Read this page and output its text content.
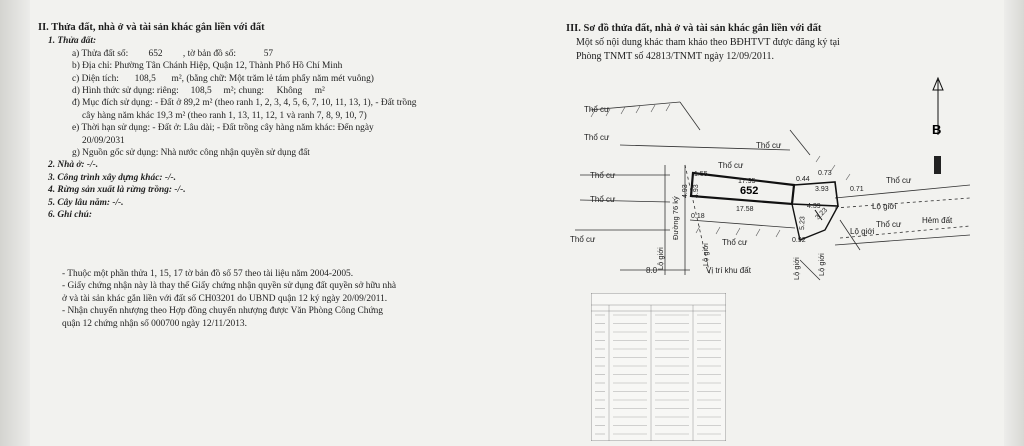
II. Thửa đất, nhà ở và tài sản khác gắn liền với đất
1. Thửa đất:
a) Thửa đất số: 652 , tờ bản đồ số:	57
b) Địa chỉ: Phường Tân Chánh Hiệp, Quận 12, Thành Phố Hồ Chí Minh
c) Diện tích: 108,5 m², (bằng chữ: Một trăm lẻ tám phẩy năm mét vuông)
d) Hình thức sử dụng: riêng: 108,5 m²; chung: Không m²
đ) Mục đích sử dụng: - Đất ở 89,2 m² (theo ranh 1, 2, 3, 4, 5, 6, 7, 10, 11, 13, 1), - Đất trồng
cây hàng năm khác 19,3 m² (theo ranh 1, 13, 11, 12, 1 và ranh 7, 8, 9, 10, 7)
e) Thời hạn sử dụng: - Đất ở: Lâu dài; - Đất trồng cây hàng năm khác: Đến ngày
20/09/2031
g) Nguồn gốc sử dụng: Nhà nước công nhận quyền sử dụng đất
2. Nhà ở: -/-.
3. Công trình xây dựng khác: -/-.
4. Rừng sản xuất là rừng trồng: -/-.
5. Cây lâu năm: -/-.
6. Ghi chú:
- Thuộc một phần thửa 1, 15, 17 tờ bản đồ số 57 theo tài liệu năm 2004-2005.
- Giấy chứng nhận này là thay thế Giấy chứng nhận quyền sử dụng đất quyền sở hữu nhà
ở và tài sản khác gắn liền với đất số CH03201 do UBND quận 12 ký ngày 20/09/2011.
- Nhận chuyển nhượng theo Hợp đồng chuyển nhượng được Văn Phòng Công Chứng
quận 12 chứng nhận số 000700 ngày 12/11/2013.
III. Sơ đồ thửa đất, nhà ở và tài sản khác gắn liền với đất
Một số nội dung khác tham khảo theo BĐHTVT được đăng ký tại
Phòng TNMT số 42813/TNMT ngày 12/09/2011.
652
B
Thổ cư
Thổ cư
Thổ cư
Thổ cư
Thổ cư
Thổ cư
Thổ cư	Thổ cư
Thổ cư
Thổ cư
Lộ giới
Lộ giới
Hẻm đất
Vị trí khu đất
8.0
Đường 76 ký
Lộ giới	Lộ giới
Lộ giới Lộ giới
17.95
17.58
0.44
0.73
3.93	0.71
4.39
0.92
1.55
0.18
4.93 4.93
5.23
3.23
